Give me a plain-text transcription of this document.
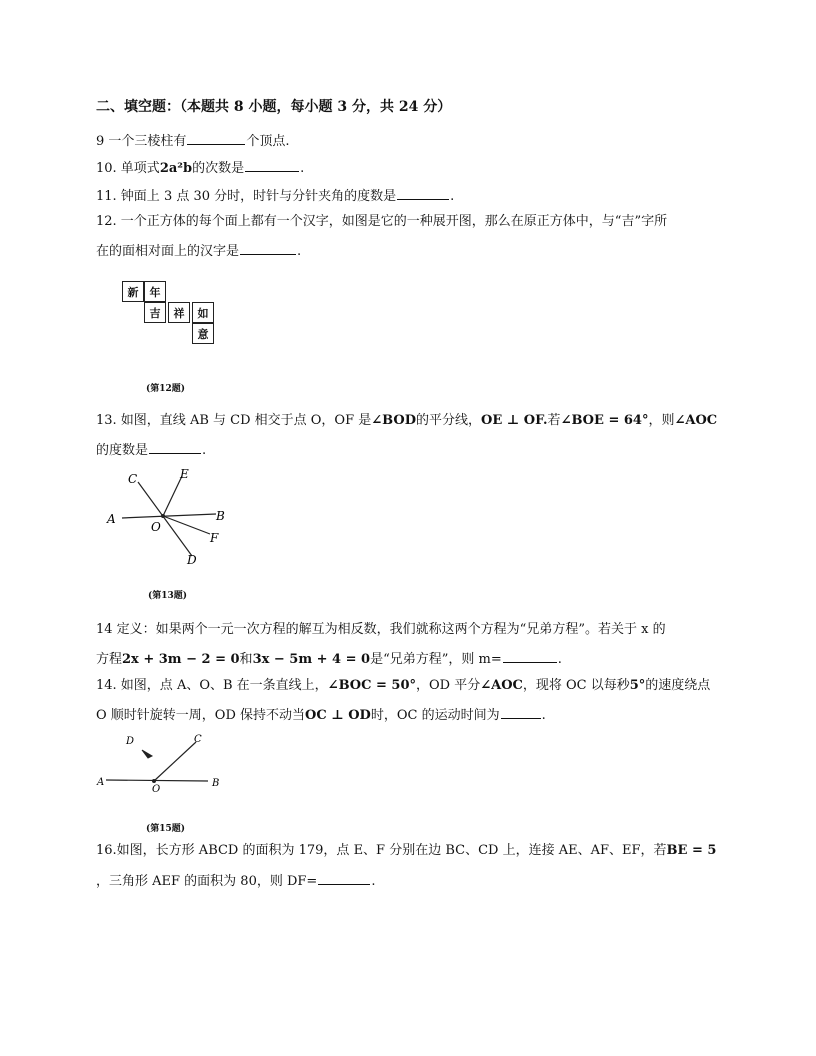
二、填空题：（本题共 8 小题，每小题 3 分，共 24 分）
9 一个三棱柱有	个顶点.
10. 单项式2a²b的次数是	.
11. 钟面上 3 点 30 分时，时针与分针夹角的度数是	.
12. 一个正方体的每个面上都有一个汉字，如图是它的一种展开图，那么在原正方体中，与“吉”字所
在的面相对面上的汉字是	.
新	年
吉	祥	如
意
(第12题)
13. 如图，直线 AB 与 CD 相交于点 O，OF 是∠BOD的平分线，OE ⊥ OF.若∠BOE = 64°，则∠AOC
的度数是	.
C	E
A
O
B
F
D
(第13题)
14 定义：如果两个一元一次方程的解互为相反数，我们就称这两个方程为“兄弟方程”。若关于 x 的
方程2x + 3m − 2 = 0和3x − 5m + 4 = 0是“兄弟方程”，则 m=	.
14. 如图，点 A、O、B 在一条直线上，∠BOC = 50°，OD 平分∠AOC，现将 OC 以每秒5°的速度绕点
O 顺时针旋转一周，OD 保持不动当OC ⊥ OD时，OC 的运动时间为	.
D	C
A
O
B
(第15题)
16.如图，长方形 ABCD 的面积为 179，点 E、F 分别在边 BC、CD 上，连接 AE、AF、EF，若BE = 5
，三角形 AEF 的面积为 80，则 DF=	.
